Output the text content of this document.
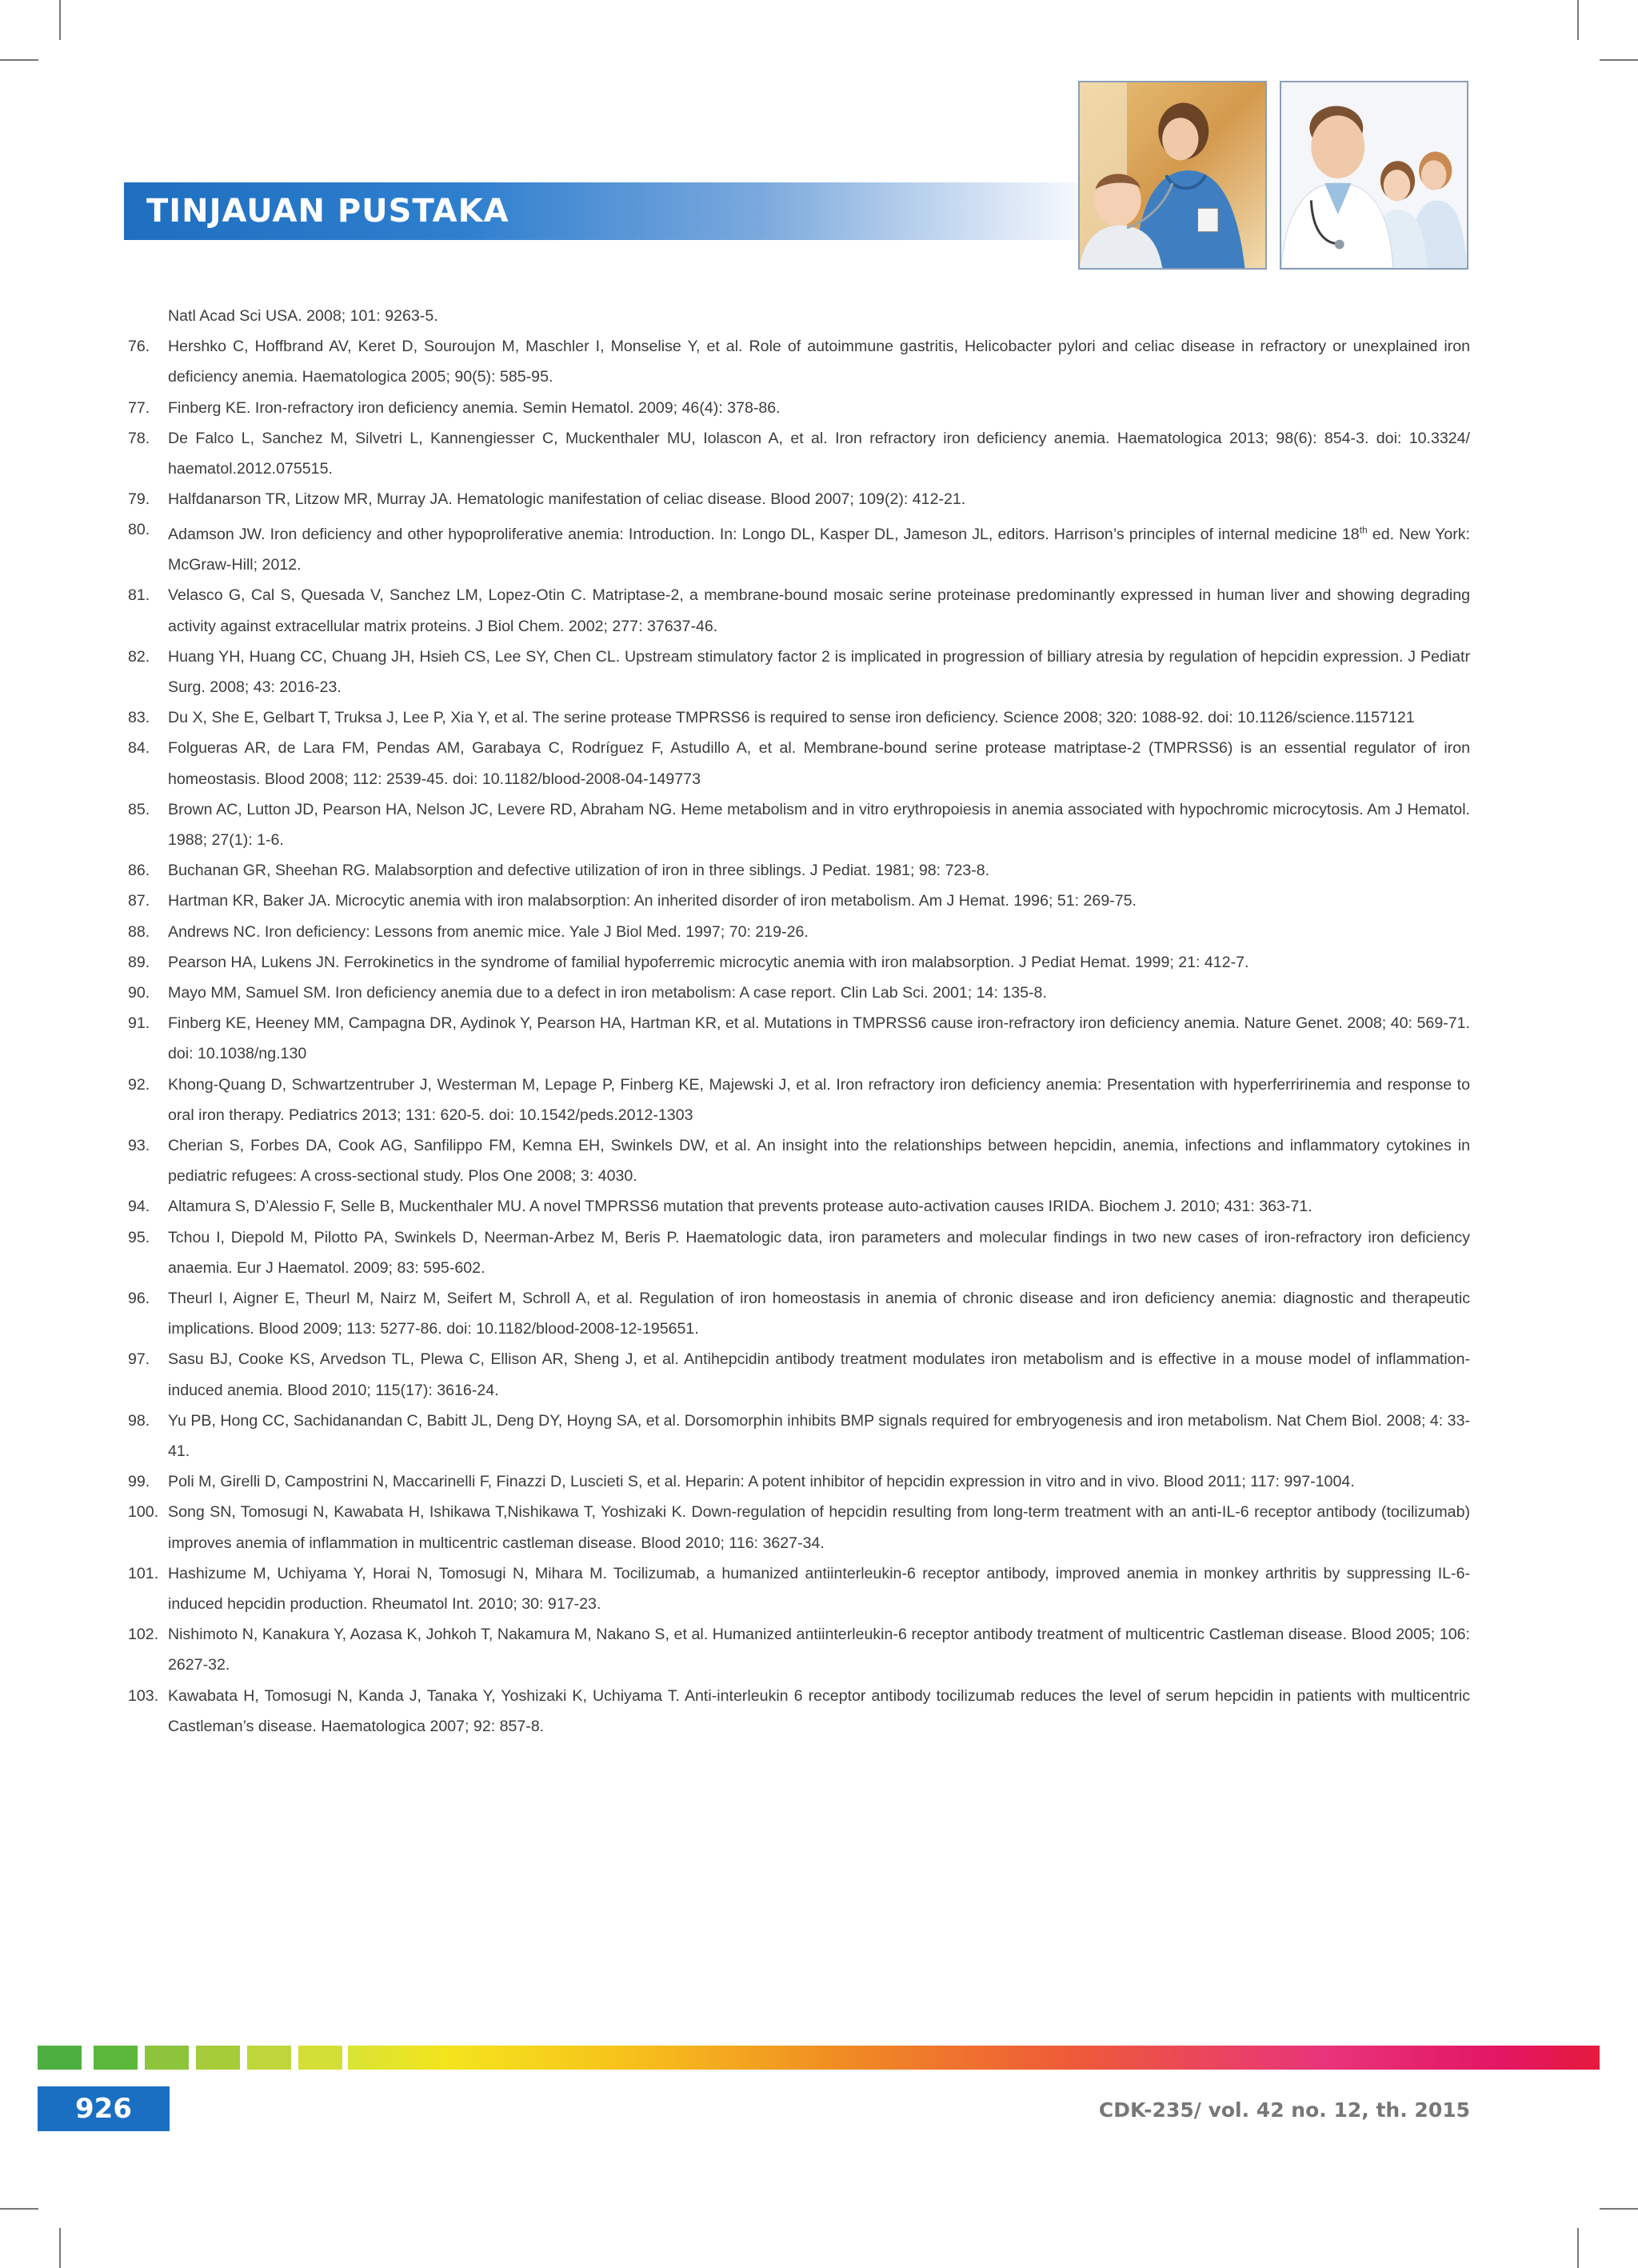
TINJAUAN PUSTAKA
Natl Acad Sci USA. 2008; 101: 9263-5.
76.	Hershko C, Hoffbrand AV, Keret D, Souroujon M, Maschler I, Monselise Y, et al. Role of autoimmune gastritis, Helicobacter pylori and celiac disease in refractory or unexplained iron deficiency anemia. Haematologica 2005; 90(5): 585-95.
77.	Finberg KE. Iron-refractory iron deficiency anemia. Semin Hematol. 2009; 46(4): 378-86.
78.	De Falco L, Sanchez M, Silvetri L, Kannengiesser C, Muckenthaler MU, Iolascon A, et al. Iron refractory iron deficiency anemia. Haematologica 2013; 98(6): 854-3. doi: 10.3324/ haematol.2012.075515.
79.	Halfdanarson TR, Litzow MR, Murray JA. Hematologic manifestation of celiac disease. Blood 2007; 109(2): 412-21.
80.	Adamson JW. Iron deficiency and other hypoproliferative anemia: Introduction. In: Longo DL, Kasper DL, Jameson JL, editors. Harrison’s principles of internal medicine 18th ed. New York: McGraw-Hill; 2012.
81.	Velasco G, Cal S, Quesada V, Sanchez LM, Lopez-Otin C. Matriptase-2, a membrane-bound mosaic serine proteinase predominantly expressed in human liver and showing degrading activity against extracellular matrix proteins. J Biol Chem. 2002; 277: 37637-46.
82.	Huang YH, Huang CC, Chuang JH, Hsieh CS, Lee SY, Chen CL. Upstream stimulatory factor 2 is implicated in progression of billiary atresia by regulation of hepcidin expression. J Pediatr Surg. 2008; 43: 2016-23.
83.	Du X, She E, Gelbart T, Truksa J, Lee P, Xia Y, et al. The serine protease TMPRSS6 is required to sense iron deficiency. Science 2008; 320: 1088-92. doi: 10.1126/science.1157121
84.	Folgueras AR, de Lara FM, Pendas AM, Garabaya C, Rodríguez F, Astudillo A, et al. Membrane-bound serine protease matriptase-2 (TMPRSS6) is an essential regulator of iron homeostasis. Blood 2008; 112: 2539-45. doi: 10.1182/blood-2008-04-149773
85.	Brown AC, Lutton JD, Pearson HA, Nelson JC, Levere RD, Abraham NG. Heme metabolism and in vitro erythropoiesis in anemia associated with hypochromic microcytosis. Am J Hematol. 1988; 27(1): 1-6.
86.	Buchanan GR, Sheehan RG. Malabsorption and defective utilization of iron in three siblings. J Pediat. 1981; 98: 723-8.
87.	Hartman KR, Baker JA. Microcytic anemia with iron malabsorption: An inherited disorder of iron metabolism. Am J Hemat. 1996; 51: 269-75.
88.	Andrews NC. Iron deficiency: Lessons from anemic mice. Yale J Biol Med. 1997; 70: 219-26.
89.	Pearson HA, Lukens JN. Ferrokinetics in the syndrome of familial hypoferremic microcytic anemia with iron malabsorption. J Pediat Hemat. 1999; 21: 412-7.
90.	Mayo MM, Samuel SM. Iron deficiency anemia due to a defect in iron metabolism: A case report. Clin Lab Sci. 2001; 14: 135-8.
91.	Finberg KE, Heeney MM, Campagna DR, Aydinok Y, Pearson HA, Hartman KR, et al. Mutations in TMPRSS6 cause iron-refractory iron deficiency anemia. Nature Genet. 2008; 40: 569-71. doi: 10.1038/ng.130
92.	Khong-Quang D, Schwartzentruber J, Westerman M, Lepage P, Finberg KE, Majewski J, et al. Iron refractory iron deficiency anemia: Presentation with hyperferririnemia and response to oral iron therapy. Pediatrics 2013; 131: 620-5. doi: 10.1542/peds.2012-1303
93.	Cherian S, Forbes DA, Cook AG, Sanfilippo FM, Kemna EH, Swinkels DW, et al. An insight into the relationships between hepcidin, anemia, infections and inflammatory cytokines in pediatric refugees: A cross-sectional study. Plos One 2008; 3: 4030.
94.	Altamura S, D’Alessio F, Selle B, Muckenthaler MU. A novel TMPRSS6 mutation that prevents protease auto-activation causes IRIDA. Biochem J. 2010; 431: 363-71.
95.	Tchou I, Diepold M, Pilotto PA, Swinkels D, Neerman-Arbez M, Beris P. Haematologic data, iron parameters and molecular findings in two new cases of iron-refractory iron deficiency anaemia. Eur J Haematol. 2009; 83: 595-602.
96.	Theurl I, Aigner E, Theurl M, Nairz M, Seifert M, Schroll A, et al. Regulation of iron homeostasis in anemia of chronic disease and iron deficiency anemia: diagnostic and therapeutic implications. Blood 2009; 113: 5277-86. doi: 10.1182/blood-2008-12-195651.
97.	Sasu BJ, Cooke KS, Arvedson TL, Plewa C, Ellison AR, Sheng J, et al. Antihepcidin antibody treatment modulates iron metabolism and is effective in a mouse model of inflammation-induced anemia. Blood 2010; 115(17): 3616-24.
98.	Yu PB, Hong CC, Sachidanandan C, Babitt JL, Deng DY, Hoyng SA, et al. Dorsomorphin inhibits BMP signals required for embryogenesis and iron metabolism. Nat Chem Biol. 2008; 4: 33-41.
99.	Poli M, Girelli D, Campostrini N, Maccarinelli F, Finazzi D, Luscieti S, et al. Heparin: A potent inhibitor of hepcidin expression in vitro and in vivo. Blood 2011; 117: 997-1004.
100. Song SN, Tomosugi N, Kawabata H, Ishikawa T,Nishikawa T, Yoshizaki K. Down-regulation of hepcidin resulting from long-term treatment with an anti-IL-6 receptor antibody (tocilizumab) improves anemia of inflammation in multicentric castleman disease. Blood 2010; 116: 3627-34.
101. Hashizume M, Uchiyama Y, Horai N, Tomosugi N, Mihara M. Tocilizumab, a humanized antiinterleukin-6 receptor antibody, improved anemia in monkey arthritis by suppressing IL-6-induced hepcidin production. Rheumatol Int. 2010; 30: 917-23.
102. Nishimoto N, Kanakura Y, Aozasa K, Johkoh T, Nakamura M, Nakano S, et al. Humanized antiinterleukin-6 receptor antibody treatment of multicentric Castleman disease. Blood 2005; 106: 2627-32.
103. Kawabata H, Tomosugi N, Kanda J, Tanaka Y, Yoshizaki K, Uchiyama T. Anti-interleukin 6 receptor antibody tocilizumab reduces the level of serum hepcidin in patients with multicentric Castleman’s disease. Haematologica 2007; 92: 857-8.
926	CDK-235/ vol. 42 no. 12, th. 2015
